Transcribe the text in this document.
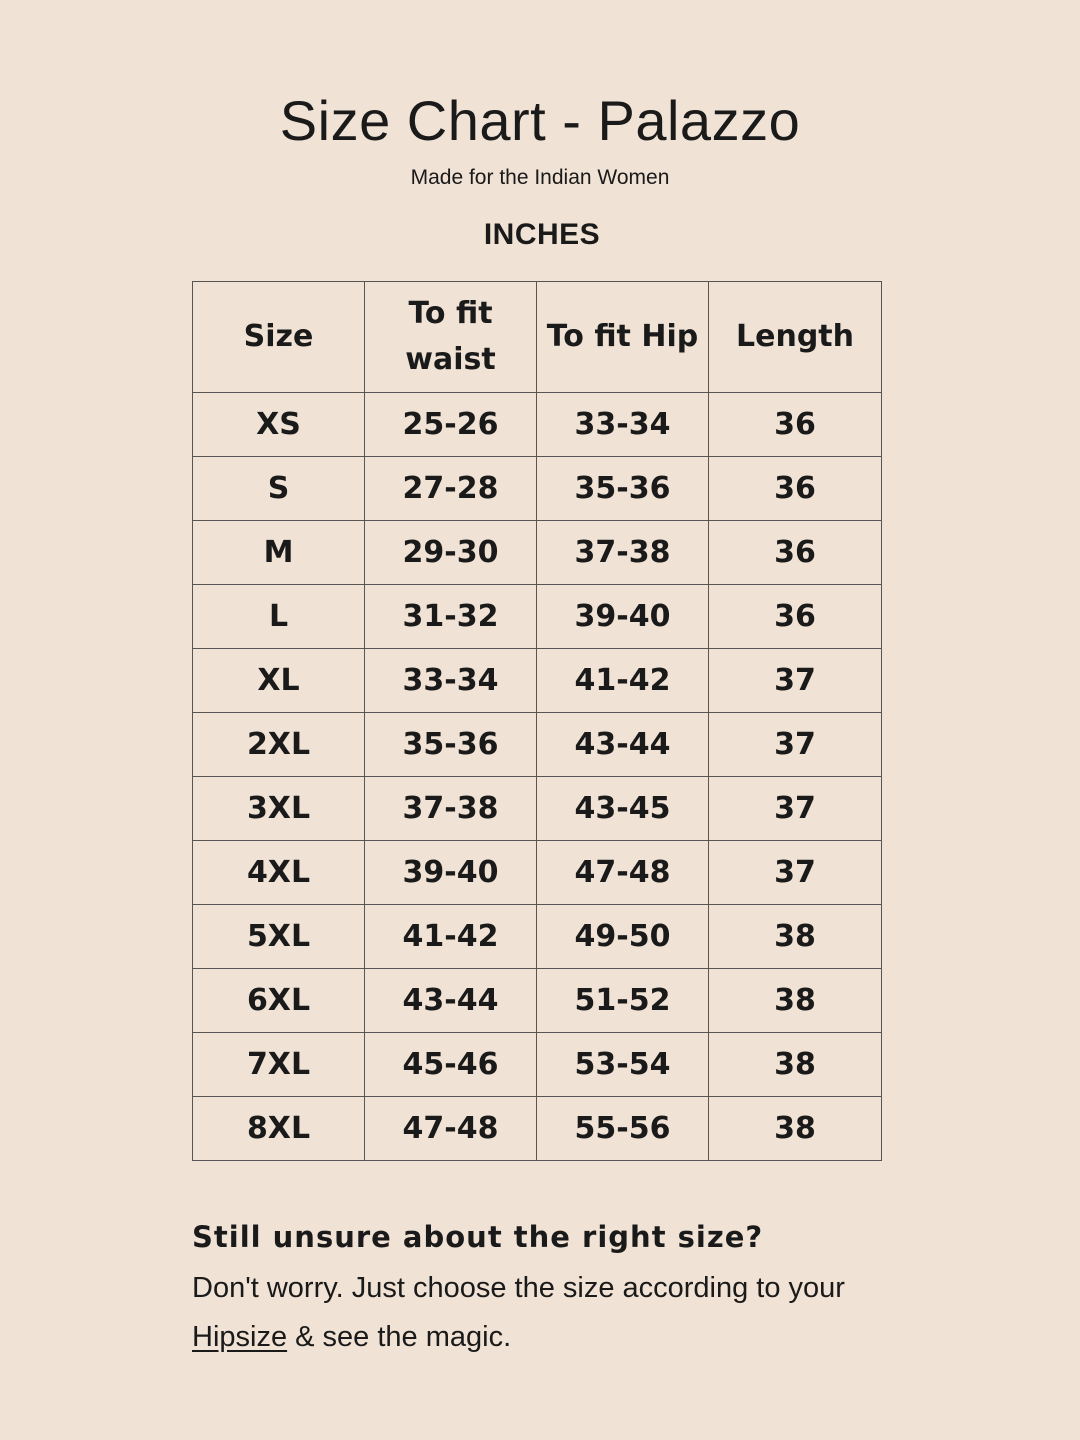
Size Chart - Palazzo
Made for the Indian Women
INCHES
Size	To fit waist	To fit Hip	Length
XS	25-26	33-34	36
S	27-28	35-36	36
M	29-30	37-38	36
L	31-32	39-40	36
XL	33-34	41-42	37
2XL	35-36	43-44	37
3XL	37-38	43-45	37
4XL	39-40	47-48	37
5XL	41-42	49-50	38
6XL	43-44	51-52	38
7XL	45-46	53-54	38
8XL	47-48	55-56	38
Still unsure about the right size?
Don't worry. Just choose the size according to your
Hipsize & see the magic.
